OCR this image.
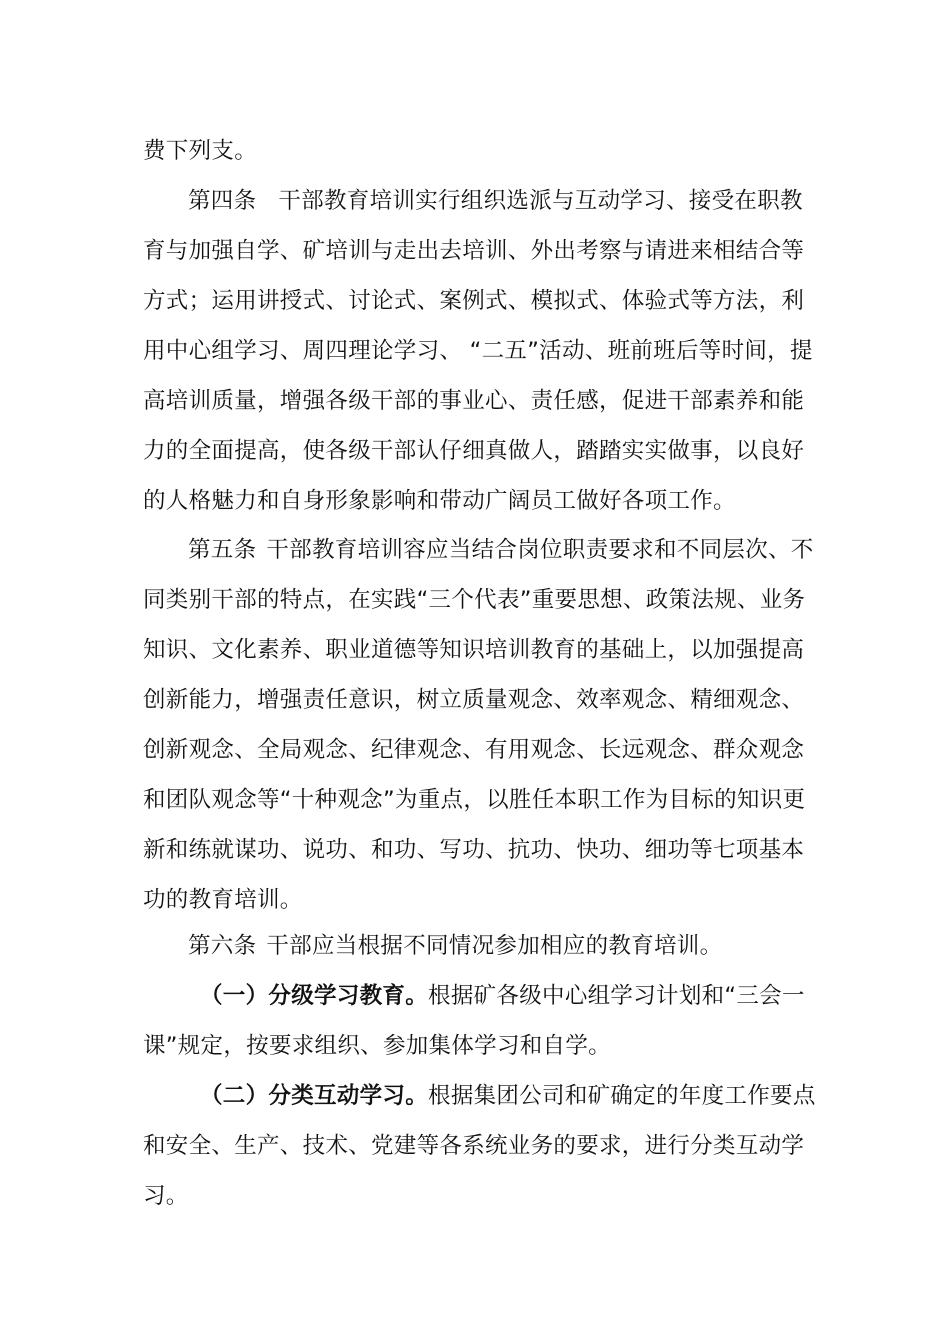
费下列支。

第四条 干部教育培训实行组织选派与互动学习、接受在职教育与加强自学、矿培训与走出去培训、外出考察与请进来相结合等方式；运用讲授式、讨论式、案例式、模拟式、体验式等方法，利用中心组学习、周四理论学习、 “二五”活动、班前班后等时间，提高培训质量，增强各级干部的事业心、责任感，促进干部素养和能力的全面提高，使各级干部认仔细真做人，踏踏实实做事，以良好的人格魅力和自身形象影响和带动广阔员工做好各项工作。

第五条 干部教育培训容应当结合岗位职责要求和不同层次、不同类别干部的特点，在实践“三个代表”重要思想、政策法规、业务知识、文化素养、职业道德等知识培训教育的基础上，以加强提高创新能力，增强责任意识，树立质量观念、效率观念、精细观念、创新观念、全局观念、纪律观念、有用观念、长远观念、群众观念和团队观念等“十种观念”为重点，以胜任本职工作为目标的知识更新和练就谋功、说功、和功、写功、抗功、快功、细功等七项基本功的教育培训。

第六条 干部应当根据不同情况参加相应的教育培训。

（一）分级学习教育。根据矿各级中心组学习计划和“三会一课”规定，按要求组织、参加集体学习和自学。

（二）分类互动学习。根据集团公司和矿确定的年度工作要点和安全、生产、技术、党建等各系统业务的要求，进行分类互动学习。
